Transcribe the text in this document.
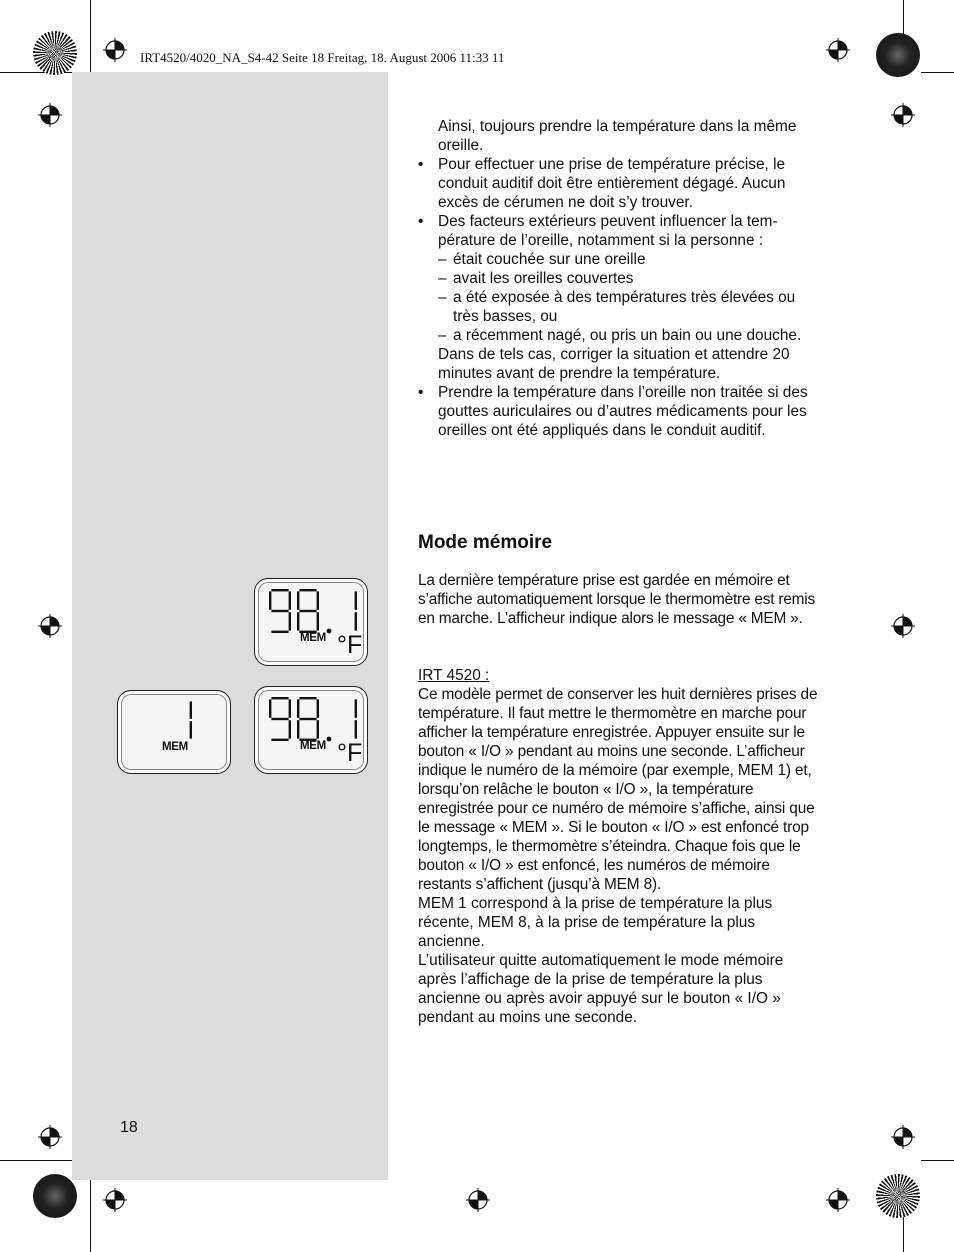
IRT4520/4020_NA_S4-42 Seite 18 Freitag, 18. August 2006 11:33 11

Ainsi, toujours prendre la température dans la même oreille.

• Pour effectuer une prise de température précise, le conduit auditif doit être entièrement dégagé. Aucun excès de cérumen ne doit s’y trouver.

• Des facteurs extérieurs peuvent influencer la tem-
pérature de l’oreille, notamment si la personne :

– était couchée sur une oreille

– avait les oreilles couvertes

– a été exposée à des températures très élevées ou très basses, ou

– a récemment nagé, ou pris un bain ou une douche.

Dans de tels cas, corriger la situation et attendre 20 minutes avant de prendre la température.

• Prendre la température dans l’oreille non traitée si des gouttes auriculaires ou d’autres médicaments pour les oreilles ont été appliqués dans le conduit auditif.

Mode mémoire

La dernière température prise est gardée en mémoire et s’affiche automatiquement lorsque le thermomètre est remis en marche. L’afficheur indique alors le message « MEM ».

IRT 4520 :

Ce modèle permet de conserver les huit dernières prises de température. Il faut mettre le thermomètre en marche pour afficher la température enregistrée. Appuyer ensuite sur le bouton « I/O » pendant au moins une seconde. L’afficheur indique le numéro de la mémoire (par exemple, MEM 1) et, lorsqu’on relâche le bouton « I/O », la température enregistrée pour ce numéro de mémoire s’affiche, ainsi que le message « MEM ». Si le bouton « I/O » est enfoncé trop longtemps, le thermomètre s’éteindra. Chaque fois que le bouton « I/O » est enfoncé, les numéros de mémoire restants s’affichent (jusqu’à MEM 8).

MEM 1 correspond à la prise de température la plus récente, MEM 8, à la prise de température la plus ancienne.

L’utilisateur quitte automatiquement le mode mémoire après l’affichage de la prise de température la plus ancienne ou après avoir appuyé sur le bouton « I/O » pendant au moins une seconde.

MEM °F
MEM	MEM °F
18
